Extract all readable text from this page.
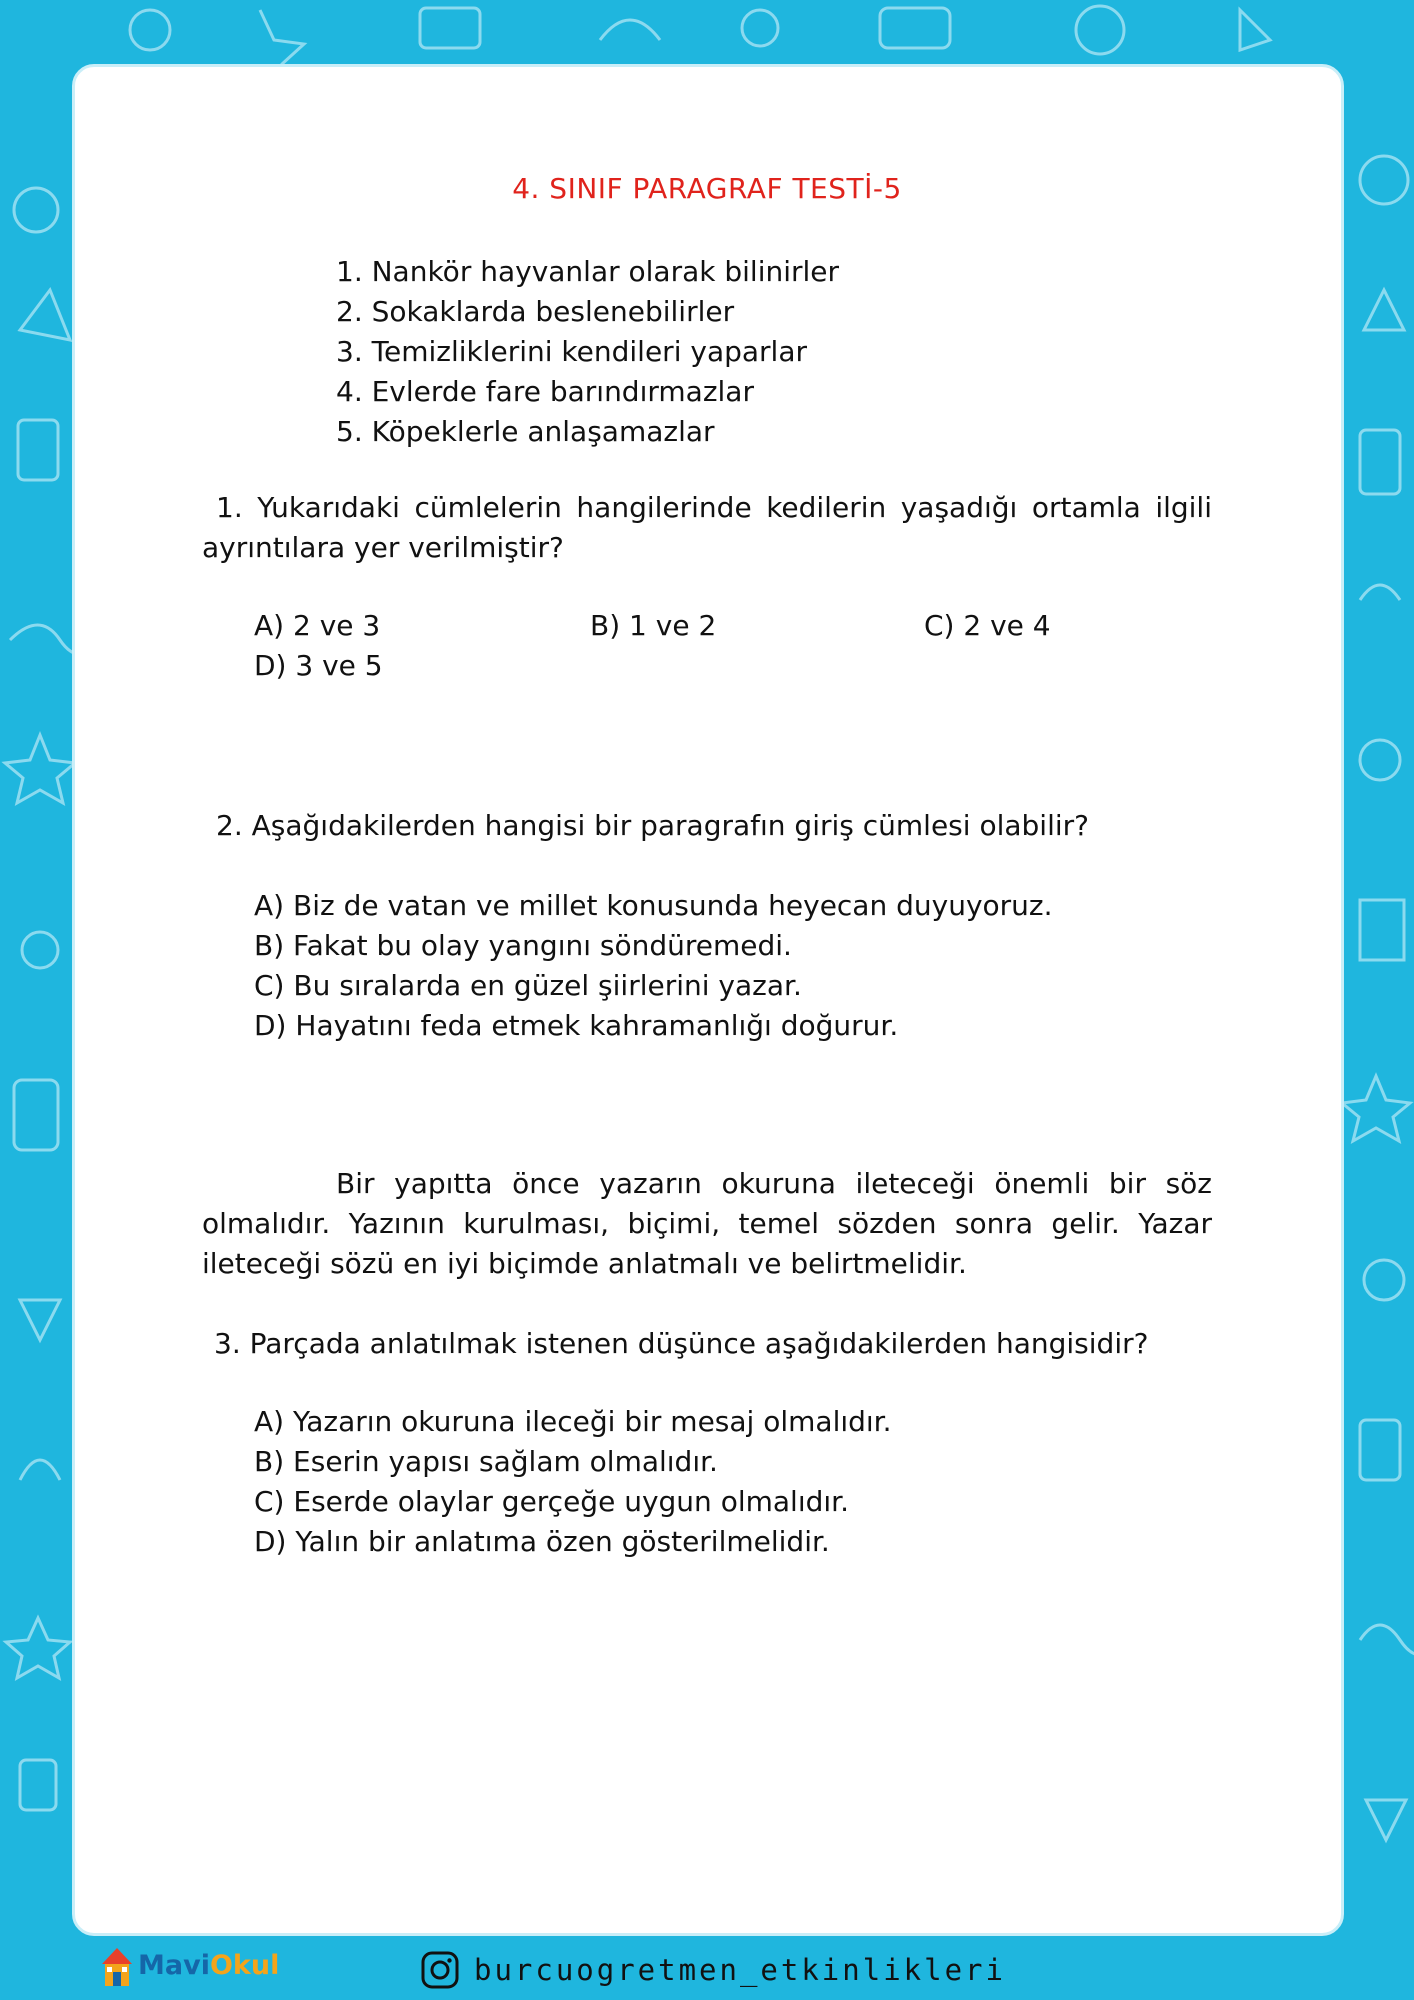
4. SINIF PARAGRAF TESTİ-5
1. Nankör hayvanlar olarak bilinirler
2. Sokaklarda beslenebilirler
3. Temizliklerini kendileri yaparlar
4. Evlerde fare barındırmazlar
5. Köpeklerle anlaşamazlar
1. Yukarıdaki cümlelerin hangilerinde kedilerin yaşadığı ortamla ilgili ayrıntılara yer verilmiştir?
A) 2 ve 3	B) 1 ve 2	C) 2 ve 4
D) 3 ve 5
2. Aşağıdakilerden hangisi bir paragrafın giriş cümlesi olabilir?
A) Biz de vatan ve millet konusunda heyecan duyuyoruz.
B) Fakat bu olay yangını söndüremedi.
C) Bu sıralarda en güzel şiirlerini yazar.
D) Hayatını feda etmek kahramanlığı doğurur.
Bir yapıtta önce yazarın okuruna ileteceği önemli bir söz olmalıdır. Yazının kurulması, biçimi, temel sözden sonra gelir. Yazar ileteceği sözü en iyi biçimde anlatmalı ve belirtmelidir.
3. Parçada anlatılmak istenen düşünce aşağıdakilerden hangisidir?
A) Yazarın okuruna ileceği bir mesaj olmalıdır.
B) Eserin yapısı sağlam olmalıdır.
C) Eserde olaylar gerçeğe uygun olmalıdır.
D) Yalın bir anlatıma özen gösterilmelidir.
MaviOkul	burcuogretmen_etkinlikleri
